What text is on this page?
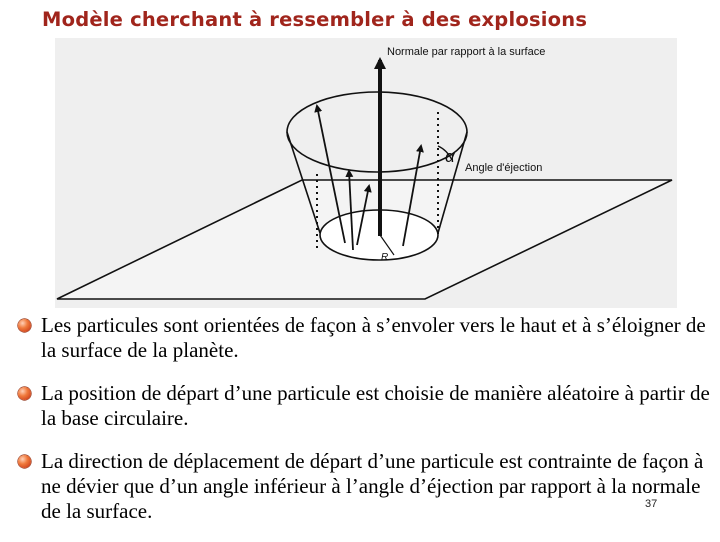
Modèle cherchant à ressembler à des explosions
Normale par rapport à la surface
α
Angle d'éjection
R
Les particules sont orientées de façon à s’envoler vers le haut et à s’éloigner de la surface de la planète.
La position de départ d’une particule est choisie de manière aléatoire à partir de la base circulaire.
La direction de déplacement de départ d’une particule est contrainte de façon à ne dévier que d’un angle inférieur à l’angle d’éjection par rapport à la normale de la surface.	37
